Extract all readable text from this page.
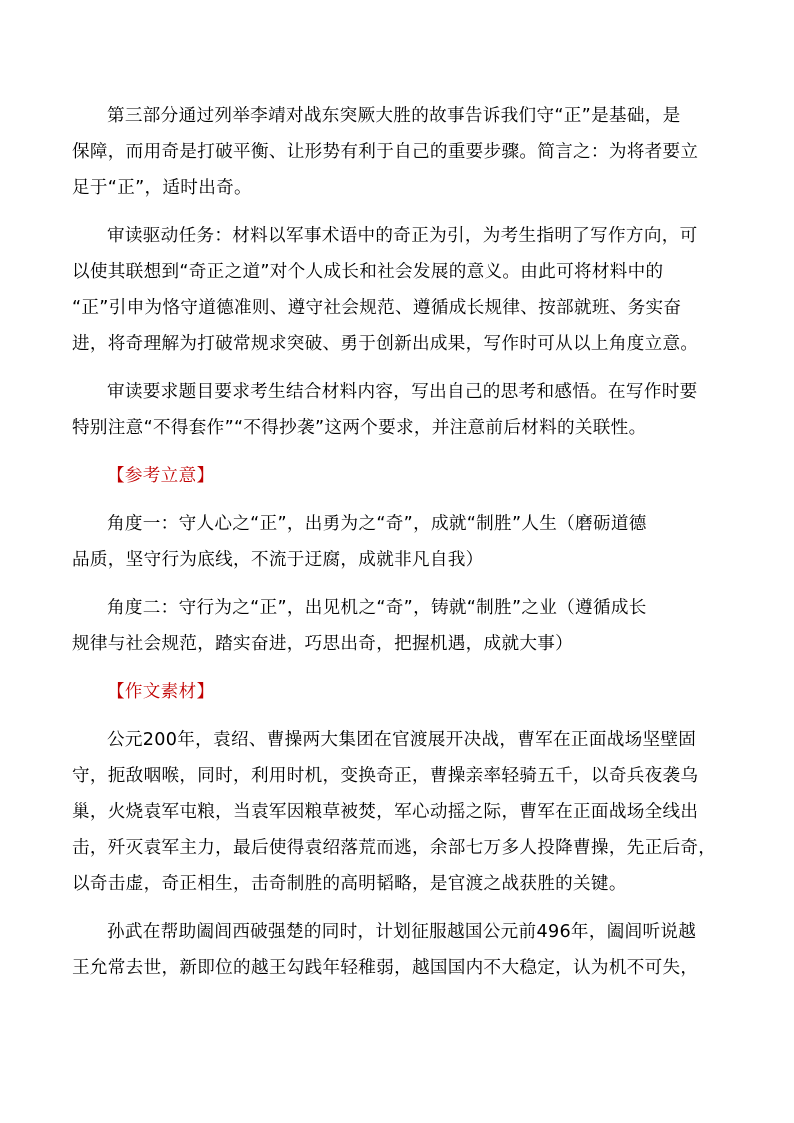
第三部分通过列举李靖对战东突厥大胜的故事告诉我们守“正”是基础，是
保障，而用奇是打破平衡、让形势有利于自己的重要步骤。简言之：为将者要立
足于“正”，适时出奇。
审读驱动任务：材料以军事术语中的奇正为引，为考生指明了写作方向，可
以使其联想到“奇正之道”对个人成长和社会发展的意义。由此可将材料中的
“正”引申为恪守道德准则、遵守社会规范、遵循成长规律、按部就班、务实奋
进，将奇理解为打破常规求突破、勇于创新出成果，写作时可从以上角度立意。
审读要求题目要求考生结合材料内容，写出自己的思考和感悟。在写作时要
特别注意“不得套作”“不得抄袭”这两个要求，并注意前后材料的关联性。
【参考立意】
角度一：守人心之“正”，出勇为之“奇”，成就“制胜”人生（磨砺道德
品质，坚守行为底线，不流于迂腐，成就非凡自我）
角度二：守行为之“正”，出见机之“奇”，铸就“制胜”之业（遵循成长
规律与社会规范，踏实奋进，巧思出奇，把握机遇，成就大事）
【作文素材】
公元200年，袁绍、曹操两大集团在官渡展开决战，曹军在正面战场坚壁固
守，扼敌咽喉，同时，利用时机，变换奇正，曹操亲率轻骑五千，以奇兵夜袭乌
巢，火烧袁军屯粮，当袁军因粮草被焚，军心动摇之际，曹军在正面战场全线出
击，歼灭袁军主力，最后使得袁绍落荒而逃，余部七万多人投降曹操，先正后奇，
以奇击虚，奇正相生，击奇制胜的高明韬略，是官渡之战获胜的关键。
孙武在帮助阖闾西破强楚的同时，计划征服越国公元前496年，阖闾听说越
王允常去世，新即位的越王勾践年轻稚弱，越国国内不大稳定，认为机不可失，
